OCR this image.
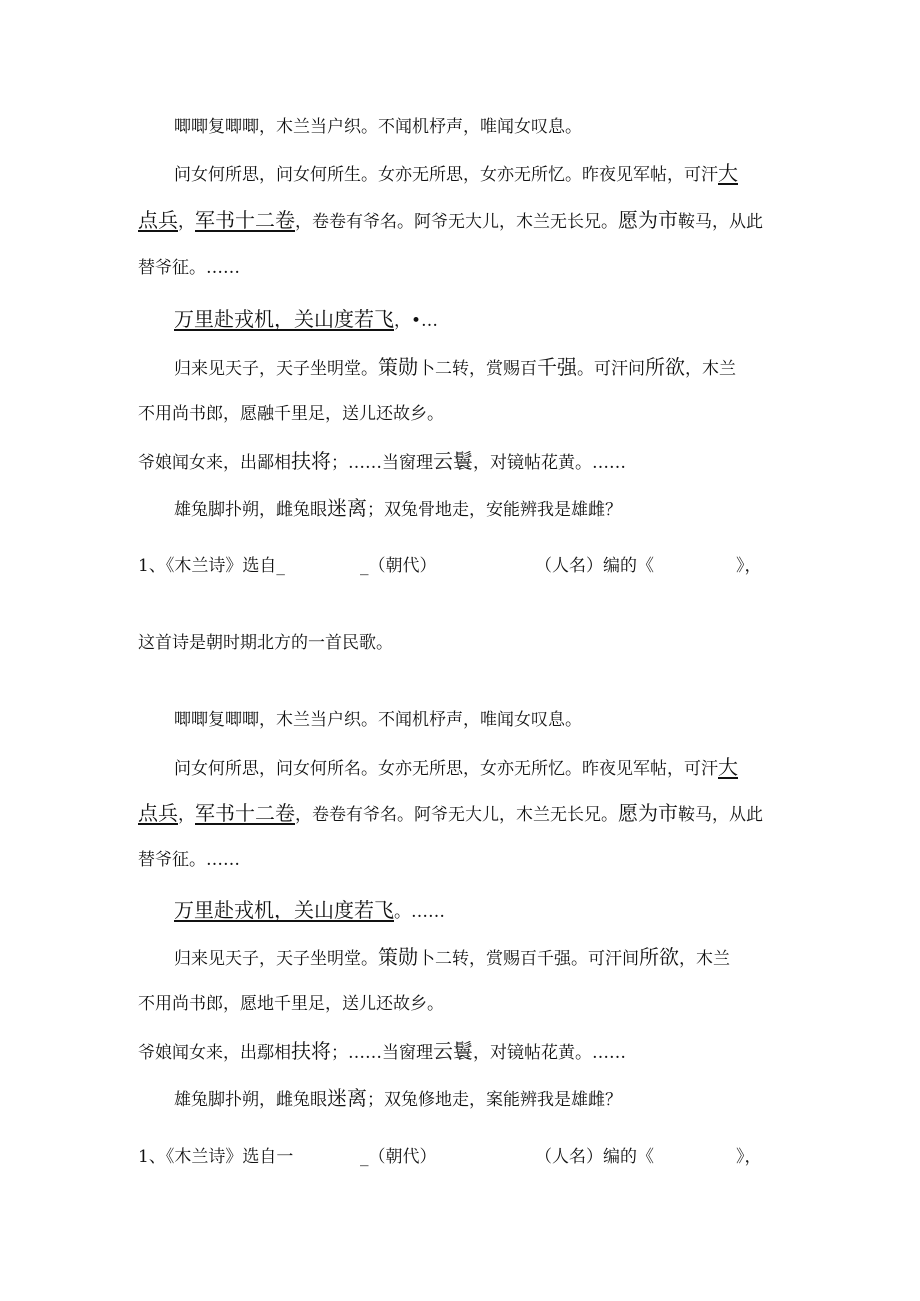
唧唧复唧唧，木兰当户织。不闻机杼声，唯闻女叹息。
问女何所思，问女何所生。女亦无所思，女亦无所忆。昨夜见军帖，可汗大
点兵，军书十二卷，卷卷有爷名。阿爷无大儿，木兰无长兄。愿为市鞍马，从此
替爷征。……
万里赴戎机，关山度若飞，•…
归来见天子，天子坐明堂。策勋卜二转，赏赐百千强。可汗问所欲，木兰
不用尚书郎，愿融千里足，送儿还故乡。
爷娘闻女来，出鄙相扶将；……当窗理云鬟，对镜帖花黄。……
雄兔脚扑朔，雌兔眼迷离；双兔骨地走，安能辨我是雄雌？
1、《木兰诗》选自_	_（朝代）	（人名）编的《	》，
这首诗是朝时期北方的一首民歌。
唧唧复唧唧，木兰当户织。不闻机杼声，唯闻女叹息。
问女何所思，问女何所名。女亦无所思，女亦无所忆。昨夜见军帖，可汗大
点兵，军书十二卷，卷卷有爷名。阿爷无大儿，木兰无长兄。愿为市鞍马，从此
替爷征。……
万里赴戎机，关山度若飞。……
归来见天子，天子坐明堂。策勋卜二转，赏赐百千强。可汗间所欲，木兰
不用尚书郎，愿地千里足，送儿还故乡。
爷娘闻女来，出鄢相扶将；……当窗理云鬟，对镜帖花黄。……
雄兔脚扑朔，雌兔眼迷离；双兔修地走，案能辨我是雄雌？
1、《木兰诗》选自一	_（朝代）	（人名）编的《	》，
